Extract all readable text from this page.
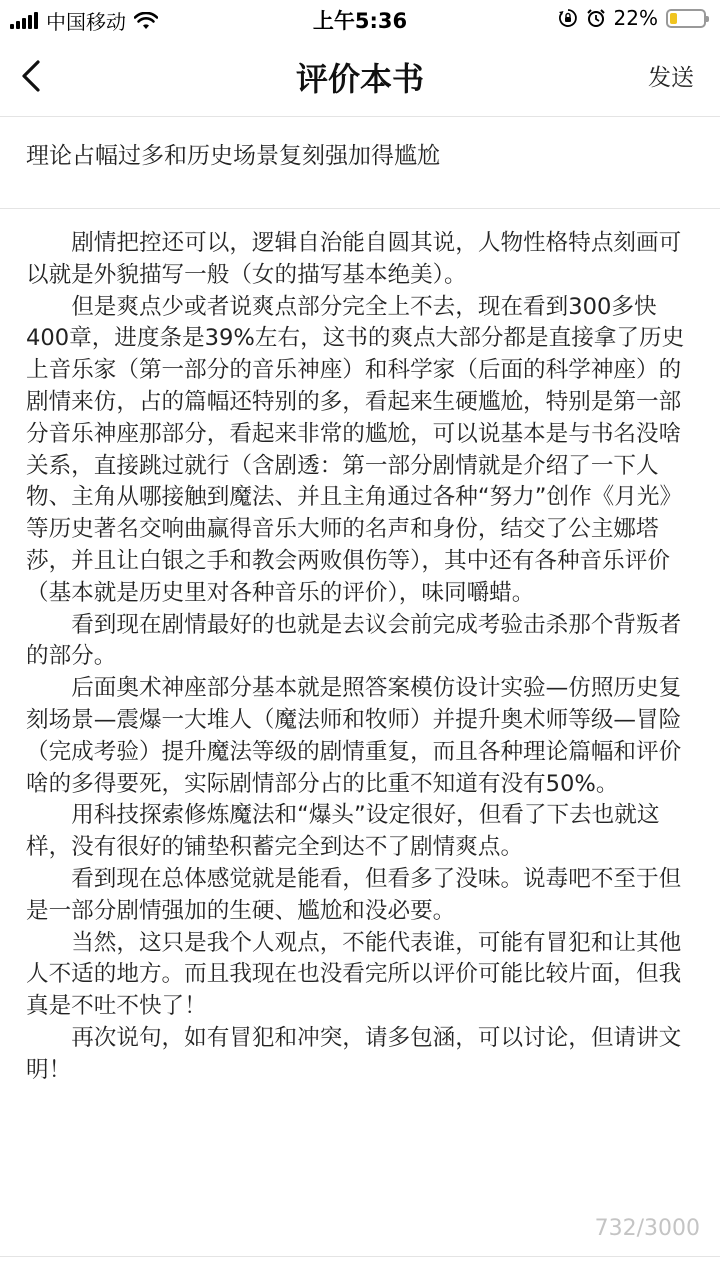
中国移动	上午5:36	22%
评价本书	发送
理论占幅过多和历史场景复刻强加得尴尬

剧情把控还可以，逻辑自治能自圆其说，人物性格特点刻画可以就是外貌描写一般（女的描写基本绝美）。

但是爽点少或者说爽点部分完全上不去，现在看到300多快400章，进度条是39%左右，这书的爽点大部分都是直接拿了历史上音乐家（第一部分的音乐神座）和科学家（后面的科学神座）的剧情来仿，占的篇幅还特别的多，看起来生硬尴尬，特别是第一部分音乐神座那部分，看起来非常的尴尬，可以说基本是与书名没啥关系，直接跳过就行（含剧透：第一部分剧情就是介绍了一下人物、主角从哪接触到魔法、并且主角通过各种“努力”创作《月光》等历史著名交响曲赢得音乐大师的名声和身份，结交了公主娜塔莎，并且让白银之手和教会两败俱伤等），其中还有各种音乐评价（基本就是历史里对各种音乐的评价），味同嚼蜡。

看到现在剧情最好的也就是去议会前完成考验击杀那个背叛者的部分。

后面奥术神座部分基本就是照答案模仿设计实验—仿照历史复刻场景—震爆一大堆人（魔法师和牧师）并提升奥术师等级—冒险（完成考验）提升魔法等级的剧情重复，而且各种理论篇幅和评价啥的多得要死，实际剧情部分占的比重不知道有没有50%。

用科技探索修炼魔法和“爆头”设定很好，但看了下去也就这样，没有很好的铺垫积蓄完全到达不了剧情爽点。

看到现在总体感觉就是能看，但看多了没味。说毒吧不至于但是一部分剧情强加的生硬、尴尬和没必要。

当然，这只是我个人观点，不能代表谁，可能有冒犯和让其他人不适的地方。而且我现在也没看完所以评价可能比较片面，但我真是不吐不快了！

再次说句，如有冒犯和冲突，请多包涵，可以讨论，但请讲文明！

732/3000
